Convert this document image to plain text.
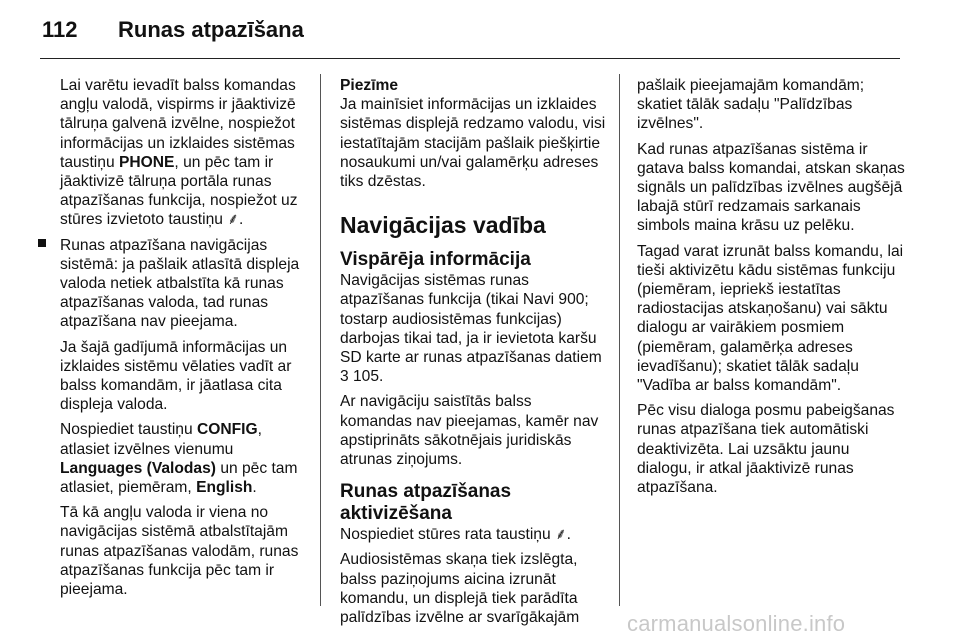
112 Runas atpazīšana

Lai varētu ievadīt balss komandas angļu valodā, vispirms ir jāaktivizē tālruņa galvenā izvēlne, nospiežot informācijas un izklaides sistēmas taustiņu PHONE, un pēc tam ir jāaktivizē tālruņa portāla runas atpazīšanas funkcija, nospiežot uz stūres izvietoto taustiņu ⸙.

Runas atpazīšana navigācijas sistēmā: ja pašlaik atlasītā displeja valoda netiek atbalstīta kā runas atpazīšanas valoda, tad runas atpazīšana nav pieejama.

Ja šajā gadījumā informācijas un izklaides sistēmu vēlaties vadīt ar balss komandām, ir jāatlasa cita displeja valoda.

Nospiediet taustiņu CONFIG, atlasiet izvēlnes vienumu Languages (Valodas) un pēc tam atlasiet, piemēram, English.

Tā kā angļu valoda ir viena no navigācijas sistēmā atbalstītajām runas atpazīšanas valodām, runas atpazīšanas funkcija pēc tam ir pieejama.

Piezīme
Ja mainīsiet informācijas un izklaides sistēmas displejā redzamo valodu, visi iestatītajām stacijām pašlaik piešķirtie nosaukumi un/vai galamērķu adreses tiks dzēstas.

Navigācijas vadība
Vispārēja informācija

Navigācijas sistēmas runas atpazīšanas funkcija (tikai Navi 900; tostarp audiosistēmas funkcijas) darbojas tikai tad, ja ir ievietota karšu SD karte ar runas atpazīšanas datiem 3 105.

Ar navigāciju saistītās balss komandas nav pieejamas, kamēr nav apstiprināts sākotnējais juridiskās atrunas ziņojums.

Runas atpazīšanas aktivizēšana

Nospiediet stūres rata taustiņu ⸙.

Audiosistēmas skaņa tiek izslēgta, balss paziņojums aicina izrunāt komandu, un displejā tiek parādīta palīdzības izvēlne ar svarīgākajām

pašlaik pieejamajām komandām; skatiet tālāk sadaļu "Palīdzības izvēlnes".

Kad runas atpazīšanas sistēma ir gatava balss komandai, atskan skaņas signāls un palīdzības izvēlnes augšējā labajā stūrī redzamais sarkanais simbols maina krāsu uz pelēku.

Tagad varat izrunāt balss komandu, lai tieši aktivizētu kādu sistēmas funkciju (piemēram, iepriekš iestatītas radiostacijas atskaņošanu) vai sāktu dialogu ar vairākiem posmiem (piemēram, galamērķa adreses ievadīšanu); skatiet tālāk sadaļu "Vadība ar balss komandām".

Pēc visu dialoga posmu pabeigšanas runas atpazīšana tiek automātiski deaktivizēta. Lai uzsāktu jaunu dialogu, ir atkal jāaktivizē runas atpazīšana.

carmanualsonline.info
